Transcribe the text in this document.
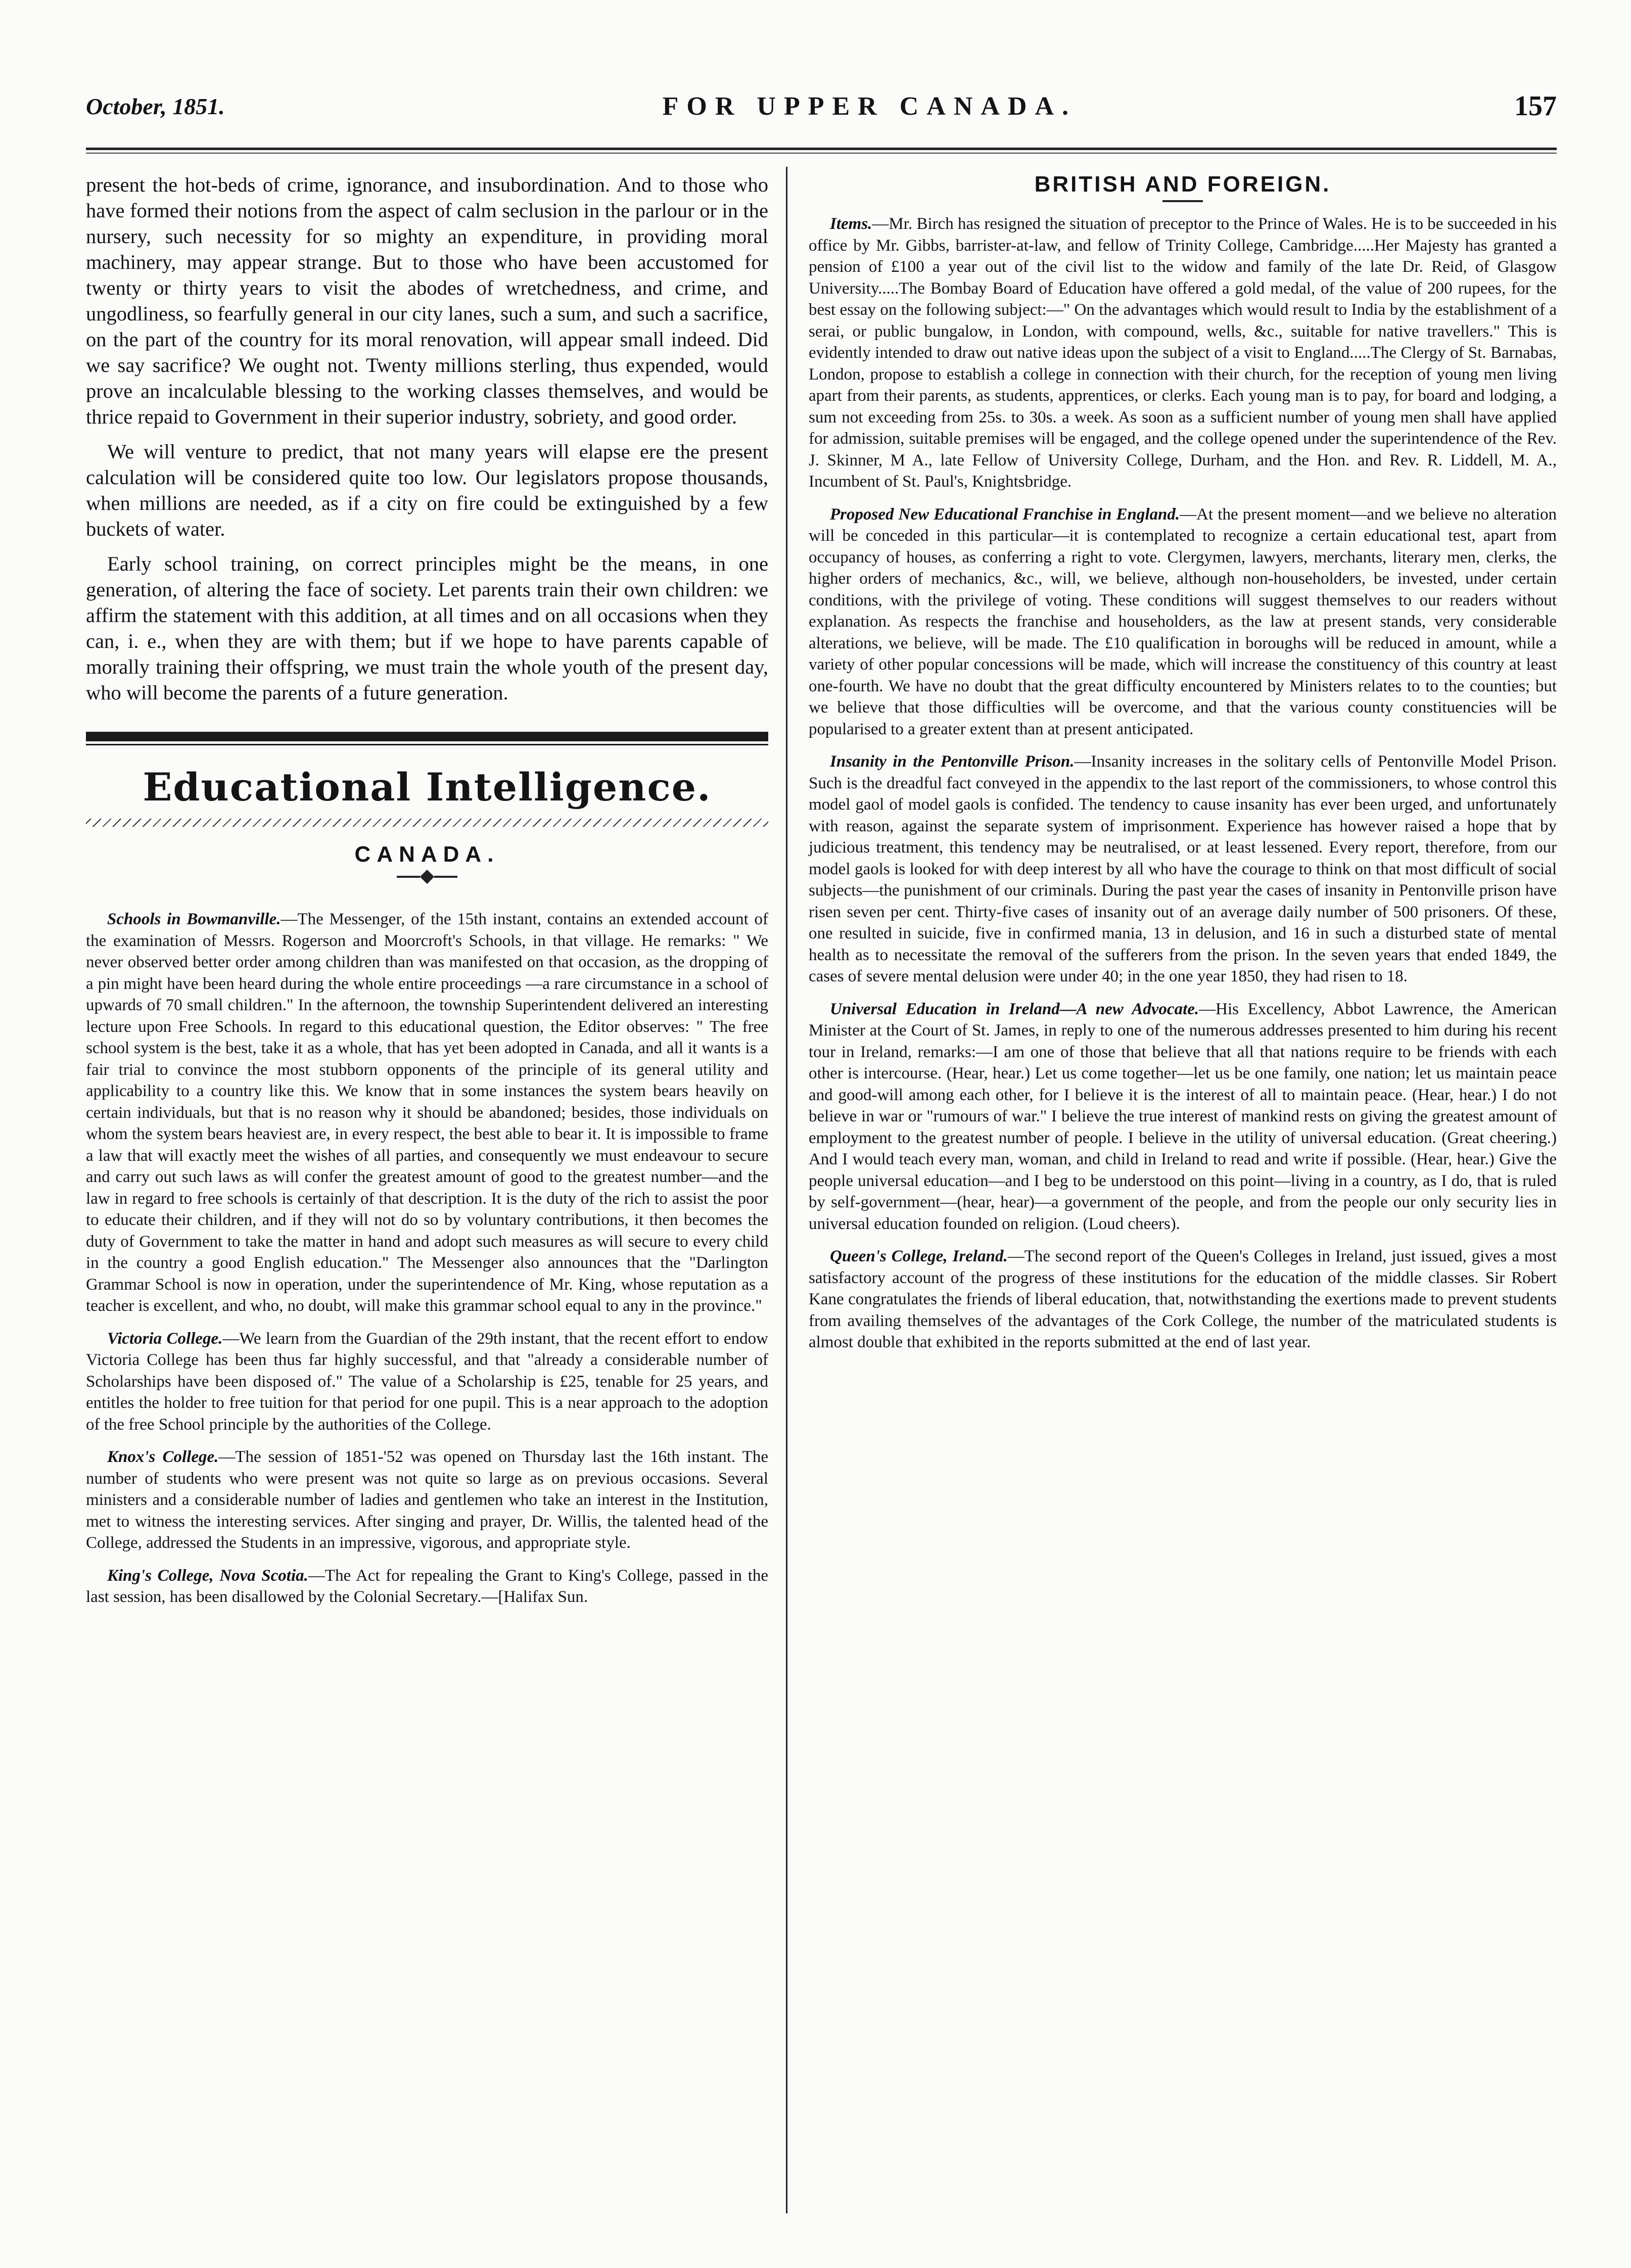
October, 1851.	FOR UPPER CANADA.	157

present the hot-beds of crime, ignorance, and insubordination. And to those who have formed their notions from the aspect of calm seclusion in the parlour or in the nursery, such necessity for so mighty an expenditure, in providing moral machinery, may appear strange. But to those who have been accustomed for twenty or thirty years to visit the abodes of wretchedness, and crime, and ungodliness, so fearfully general in our city lanes, such a sum, and such a sacrifice, on the part of the country for its moral renovation, will appear small indeed. Did we say sacrifice? We ought not. Twenty millions sterling, thus expended, would prove an incalculable blessing to the working classes themselves, and would be thrice repaid to Government in their superior industry, sobriety, and good order.

We will venture to predict, that not many years will elapse ere the present calculation will be considered quite too low. Our legislators propose thousands, when millions are needed, as if a city on fire could be extinguished by a few buckets of water.

Early school training, on correct principles might be the means, in one generation, of altering the face of society. Let parents train their own children: we affirm the statement with this addition, at all times and on all occasions when they can, i. e., when they are with them; but if we hope to have parents capable of morally training their offspring, we must train the whole youth of the present day, who will become the parents of a future generation.

Educational Intelligence.
CANADA.

Schools in Bowmanville.—The Messenger, of the 15th instant, contains an extended account of the examination of Messrs. Rogerson and Moorcroft's Schools, in that village. He remarks: " We never observed better order among children than was manifested on that occasion, as the dropping of a pin might have been heard during the whole entire proceedings —a rare circumstance in a school of upwards of 70 small children." In the afternoon, the township Superintendent delivered an interesting lecture upon Free Schools. In regard to this educational question, the Editor observes: " The free school system is the best, take it as a whole, that has yet been adopted in Canada, and all it wants is a fair trial to convince the most stubborn opponents of the principle of its general utility and applicability to a country like this. We know that in some instances the system bears heavily on certain individuals, but that is no reason why it should be abandoned; besides, those individuals on whom the system bears heaviest are, in every respect, the best able to bear it. It is impossible to frame a law that will exactly meet the wishes of all parties, and consequently we must endeavour to secure and carry out such laws as will confer the greatest amount of good to the greatest number—and the law in regard to free schools is certainly of that description. It is the duty of the rich to assist the poor to educate their children, and if they will not do so by voluntary contributions, it then becomes the duty of Government to take the matter in hand and adopt such measures as will secure to every child in the country a good English education." The Messenger also announces that the "Darlington Grammar School is now in operation, under the superintendence of Mr. King, whose reputation as a teacher is excellent, and who, no doubt, will make this grammar school equal to any in the province."

Victoria College.—We learn from the Guardian of the 29th instant, that the recent effort to endow Victoria College has been thus far highly successful, and that "already a considerable number of Scholarships have been disposed of." The value of a Scholarship is £25, tenable for 25 years, and entitles the holder to free tuition for that period for one pupil. This is a near approach to the adoption of the free School principle by the authorities of the College.

Knox's College.—The session of 1851-'52 was opened on Thursday last the 16th instant. The number of students who were present was not quite so large as on previous occasions. Several ministers and a considerable number of ladies and gentlemen who take an interest in the Institution, met to witness the interesting services. After singing and prayer, Dr. Willis, the talented head of the College, addressed the Students in an impressive, vigorous, and appropriate style.

King's College, Nova Scotia.—The Act for repealing the Grant to King's College, passed in the last session, has been disallowed by the Colonial Secretary.—[Halifax Sun.

BRITISH AND FOREIGN.

Items.—Mr. Birch has resigned the situation of preceptor to the Prince of Wales. He is to be succeeded in his office by Mr. Gibbs, barrister-at-law, and fellow of Trinity College, Cambridge.....Her Majesty has granted a pension of £100 a year out of the civil list to the widow and family of the late Dr. Reid, of Glasgow University.....The Bombay Board of Education have offered a gold medal, of the value of 200 rupees, for the best essay on the following subject:—" On the advantages which would result to India by the establishment of a serai, or public bungalow, in London, with compound, wells, &c., suitable for native travellers." This is evidently intended to draw out native ideas upon the subject of a visit to England.....The Clergy of St. Barnabas, London, propose to establish a college in connection with their church, for the reception of young men living apart from their parents, as students, apprentices, or clerks. Each young man is to pay, for board and lodging, a sum not exceeding from 25s. to 30s. a week. As soon as a sufficient number of young men shall have applied for admission, suitable premises will be engaged, and the college opened under the superintendence of the Rev. J. Skinner, M A., late Fellow of University College, Durham, and the Hon. and Rev. R. Liddell, M. A., Incumbent of St. Paul's, Knightsbridge.

Proposed New Educational Franchise in England.—At the present moment—and we believe no alteration will be conceded in this particular—it is contemplated to recognize a certain educational test, apart from occupancy of houses, as conferring a right to vote. Clergymen, lawyers, merchants, literary men, clerks, the higher orders of mechanics, &c., will, we believe, although non-householders, be invested, under certain conditions, with the privilege of voting. These conditions will suggest themselves to our readers without explanation. As respects the franchise and householders, as the law at present stands, very considerable alterations, we believe, will be made. The £10 qualification in boroughs will be reduced in amount, while a variety of other popular concessions will be made, which will increase the constituency of this country at least one-fourth. We have no doubt that the great difficulty encountered by Ministers relates to to the counties; but we believe that those difficulties will be overcome, and that the various county constituencies will be popularised to a greater extent than at present anticipated.

Insanity in the Pentonville Prison.—Insanity increases in the solitary cells of Pentonville Model Prison. Such is the dreadful fact conveyed in the appendix to the last report of the commissioners, to whose control this model gaol of model gaols is confided. The tendency to cause insanity has ever been urged, and unfortunately with reason, against the separate system of imprisonment. Experience has however raised a hope that by judicious treatment, this tendency may be neutralised, or at least lessened. Every report, therefore, from our model gaols is looked for with deep interest by all who have the courage to think on that most difficult of social subjects—the punishment of our criminals. During the past year the cases of insanity in Pentonville prison have risen seven per cent. Thirty-five cases of insanity out of an average daily number of 500 prisoners. Of these, one resulted in suicide, five in confirmed mania, 13 in delusion, and 16 in such a disturbed state of mental health as to necessitate the removal of the sufferers from the prison. In the seven years that ended 1849, the cases of severe mental delusion were under 40; in the one year 1850, they had risen to 18.

Universal Education in Ireland—A new Advocate.—His Excellency, Abbot Lawrence, the American Minister at the Court of St. James, in reply to one of the numerous addresses presented to him during his recent tour in Ireland, remarks:—I am one of those that believe that all that nations require to be friends with each other is intercourse. (Hear, hear.) Let us come together—let us be one family, one nation; let us maintain peace and good-will among each other, for I believe it is the interest of all to maintain peace. (Hear, hear.) I do not believe in war or "rumours of war." I believe the true interest of mankind rests on giving the greatest amount of employment to the greatest number of people. I believe in the utility of universal education. (Great cheering.) And I would teach every man, woman, and child in Ireland to read and write if possible. (Hear, hear.) Give the people universal education—and I beg to be understood on this point—living in a country, as I do, that is ruled by self-government—(hear, hear)—a government of the people, and from the people our only security lies in universal education founded on religion. (Loud cheers).

Queen's College, Ireland.—The second report of the Queen's Colleges in Ireland, just issued, gives a most satisfactory account of the progress of these institutions for the education of the middle classes. Sir Robert Kane congratulates the friends of liberal education, that, notwithstanding the exertions made to prevent students from availing themselves of the advantages of the Cork College, the number of the matriculated students is almost double that exhibited in the reports submitted at the end of last year.
